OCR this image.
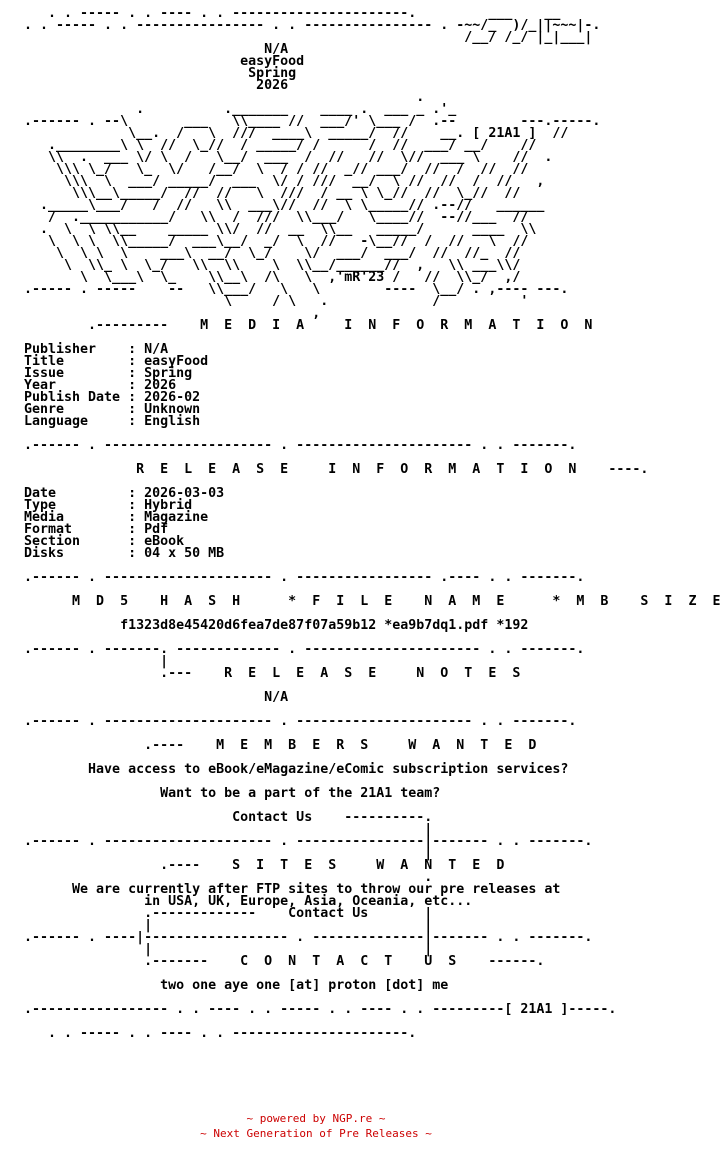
. . ----- . . ---- . . ----------------------.         ___    __
. . ----- . . ---------------- . . ---------------- . -~~/_  )/_||~~~|-.
/__/ /_/ |_|___|
N/A
easyFood
Spring
2026
.
.          ._______    ____ .  ___ _ .'_
.------ . --\       ___   \\____ //  ___/' \___ /  .--        ---.-----.
\__.  /   \  ///  ____\  _____/  //    __. [ 21A1 ]  //
.________\ \  //  \_//  / _____/ /      /  //  ___/ __/    //
\\  .  ___ \/ \  /   \__/  ___  /  //   //  \//  ___ \    //  .
\\\ \_/   \_  \/   /__/  \  / / //  _// ___/  //  /  //  //
\\\  \  ___/ _____/  ___  \/ / ///  __/  \ //  //  /  //   ,
\\\__\_____/  //  //   \  ///  / __ \ \_//  //  \_//  //
._____\___/   /  //   \\  ___\//  //  \ \_____// .--//   ______
/  .___________/   \\  /  ///  \\___/   \____//  --//___  //
.  \  \ \\__    _____ \\/  //  __  \\__   _____/      ____  \\
\  \ \  \\_____/  ___\__/  _/  \  //   -\__//  /  //   \  //
\  \ \  \    ___\  __/  \_/    \/  ___/  ___/  //  //_  //
\  \\_ \  \_/   \\  \\    \  \\__/______//  ,   \\ ___\\/
\  \___\  \_    \\__\  /\   \  ,'mR'23 /   //  \\_/  ,/
.----- . -----    --   \\___/   \   \        ----  \__/ . ,---- ---.
\     / \   .             /          '
,
.---------    M  E  D  I  A     I  N  F  O  R  M  A  T  I  O  N

Publisher    : N/A
Title        : easyFood
Issue        : Spring
Year         : 2026
Publish Date : 2026-02
Genre        : Unknown
Language     : English

.------ . --------------------- . ---------------------- . . -------.

R  E  L  E  A  S  E     I  N  F  O  R  M  A  T  I  O  N    ----.

Date         : 2026-03-03
Type         : Hybrid
Media        : Magazine
Format       : Pdf
Section      : eBook
Disks        : 04 x 50 MB

.------ . --------------------- . ----------------- .---- . . -------.

M  D  5    H  A  S  H      *  F  I  L  E    N  A  M  E      *  M  B    S  I  Z  E

f1323d8e45420d6fea7de87f07a59b12 *ea9b7dq1.pdf *192

.------ . -------. ------------- . ---------------------- . . -------.
|
.---    R  E  L  E  A  S  E     N  O  T  E  S

N/A

.------ . --------------------- . ---------------------- . . -------.

.----    M  E  M  B  E  R  S     W  A  N  T  E  D

Have access to eBook/eMagazine/eComic subscription services?

Want to be a part of the 21A1 team?

Contact Us    ----------.
|
.------ . --------------------- . ----------------|------- . . -------.
|
.----    S  I  T  E  S     W  A  N  T  E  D
.
We are currently after FTP sites to throw our pre releases at
in USA, UK, Europe, Asia, Oceania, etc...
.-------------    Contact Us       |
|                                  |
.------ . ----|------------------ . --------------|------- . . -------.
|                                  |
.-------    C  O  N  T  A  C  T    U  S    ------.

two one aye one [at] proton [dot] me

.----------------- . . ---- . . ----- . . ---- . . ---------[ 21A1 ]-----.

. . ----- . . ---- . . ----------------------.
~ powered by NGP.re ~
~ Next Generation of Pre Releases ~
